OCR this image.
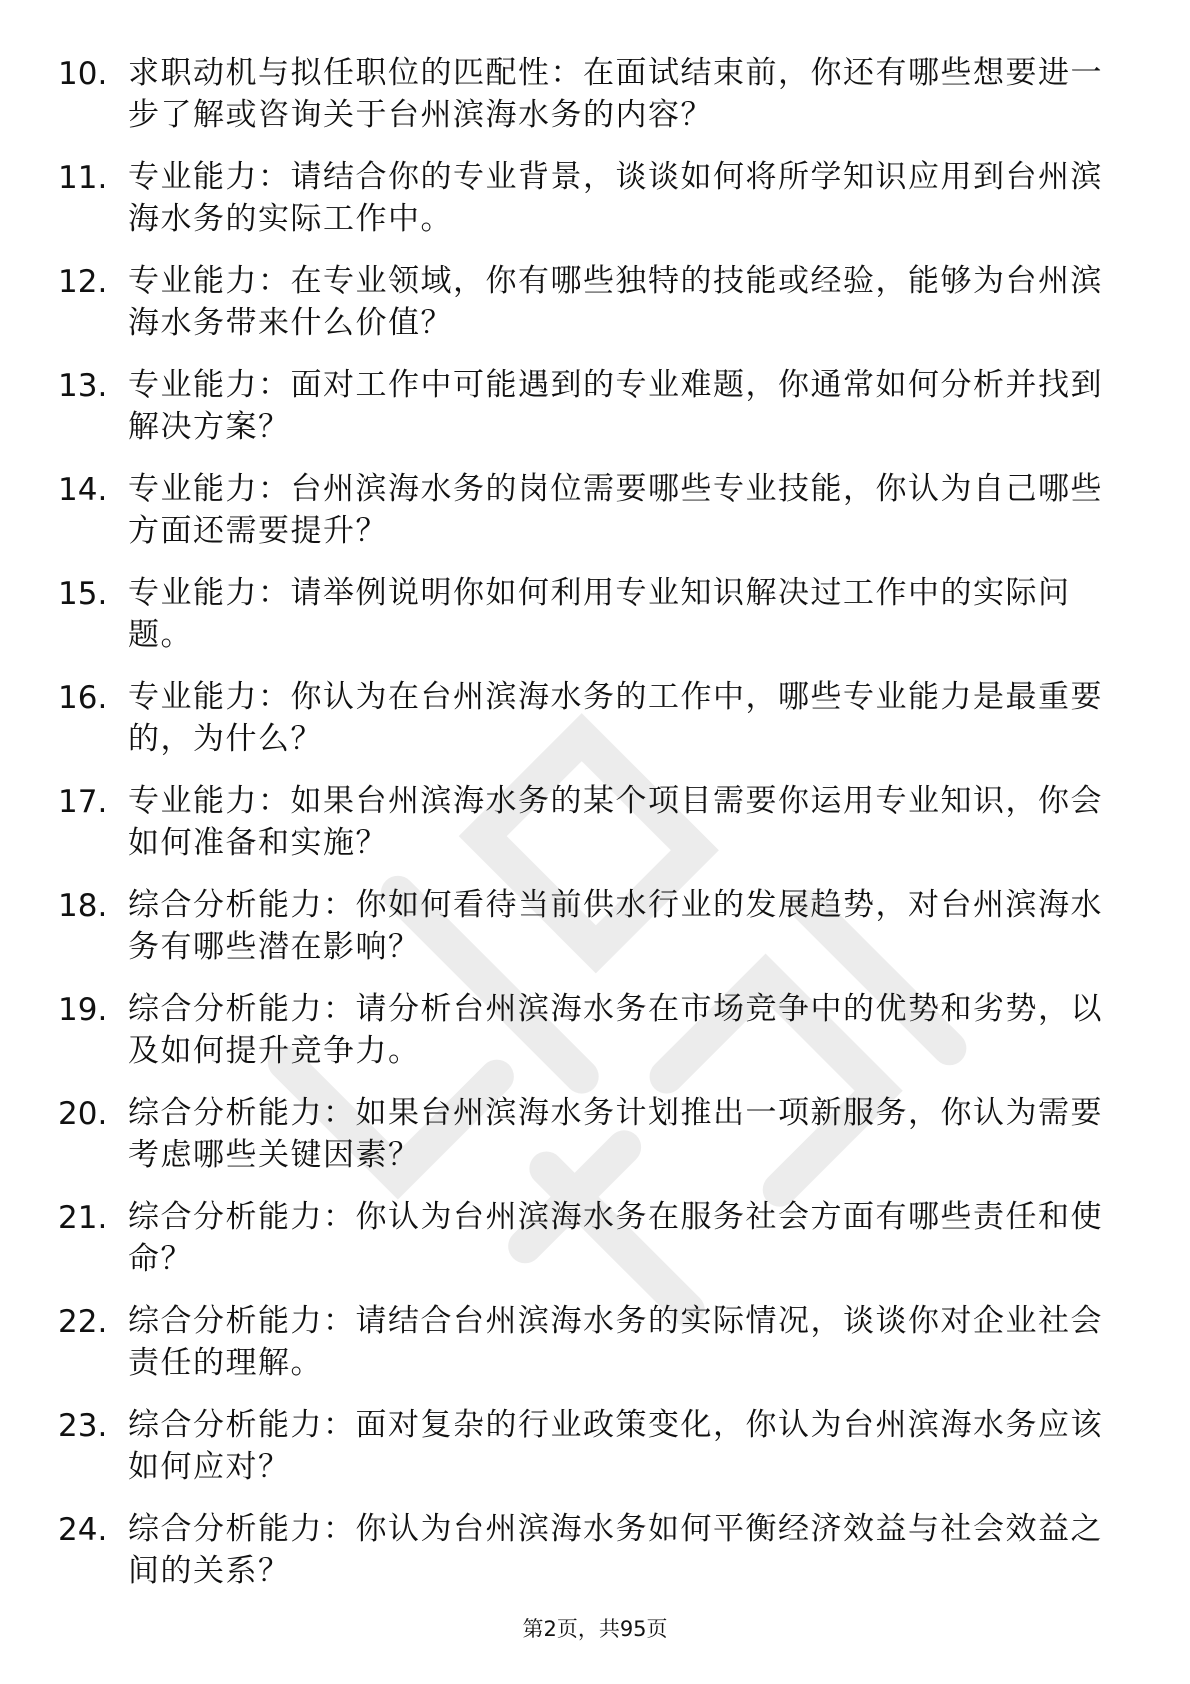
10. 求职动机与拟任职位的匹配性：在面试结束前，你还有哪些想要进一步了解或咨询关于台州滨海水务的内容？
11. 专业能力：请结合你的专业背景，谈谈如何将所学知识应用到台州滨海水务的实际工作中。
12. 专业能力：在专业领域，你有哪些独特的技能或经验，能够为台州滨海水务带来什么价值？
13. 专业能力：面对工作中可能遇到的专业难题，你通常如何分析并找到解决方案？
14. 专业能力：台州滨海水务的岗位需要哪些专业技能，你认为自己哪些方面还需要提升？
15. 专业能力：请举例说明你如何利用专业知识解决过工作中的实际问题。
16. 专业能力：你认为在台州滨海水务的工作中，哪些专业能力是最重要的，为什么？
17. 专业能力：如果台州滨海水务的某个项目需要你运用专业知识，你会如何准备和实施？
18. 综合分析能力：你如何看待当前供水行业的发展趋势，对台州滨海水务有哪些潜在影响？
19. 综合分析能力：请分析台州滨海水务在市场竞争中的优势和劣势，以及如何提升竞争力。
20. 综合分析能力：如果台州滨海水务计划推出一项新服务，你认为需要考虑哪些关键因素？
21. 综合分析能力：你认为台州滨海水务在服务社会方面有哪些责任和使命？
22. 综合分析能力：请结合台州滨海水务的实际情况，谈谈你对企业社会责任的理解。
23. 综合分析能力：面对复杂的行业政策变化，你认为台州滨海水务应该如何应对？
24. 综合分析能力：你认为台州滨海水务如何平衡经济效益与社会效益之间的关系？
第2页，共95页
